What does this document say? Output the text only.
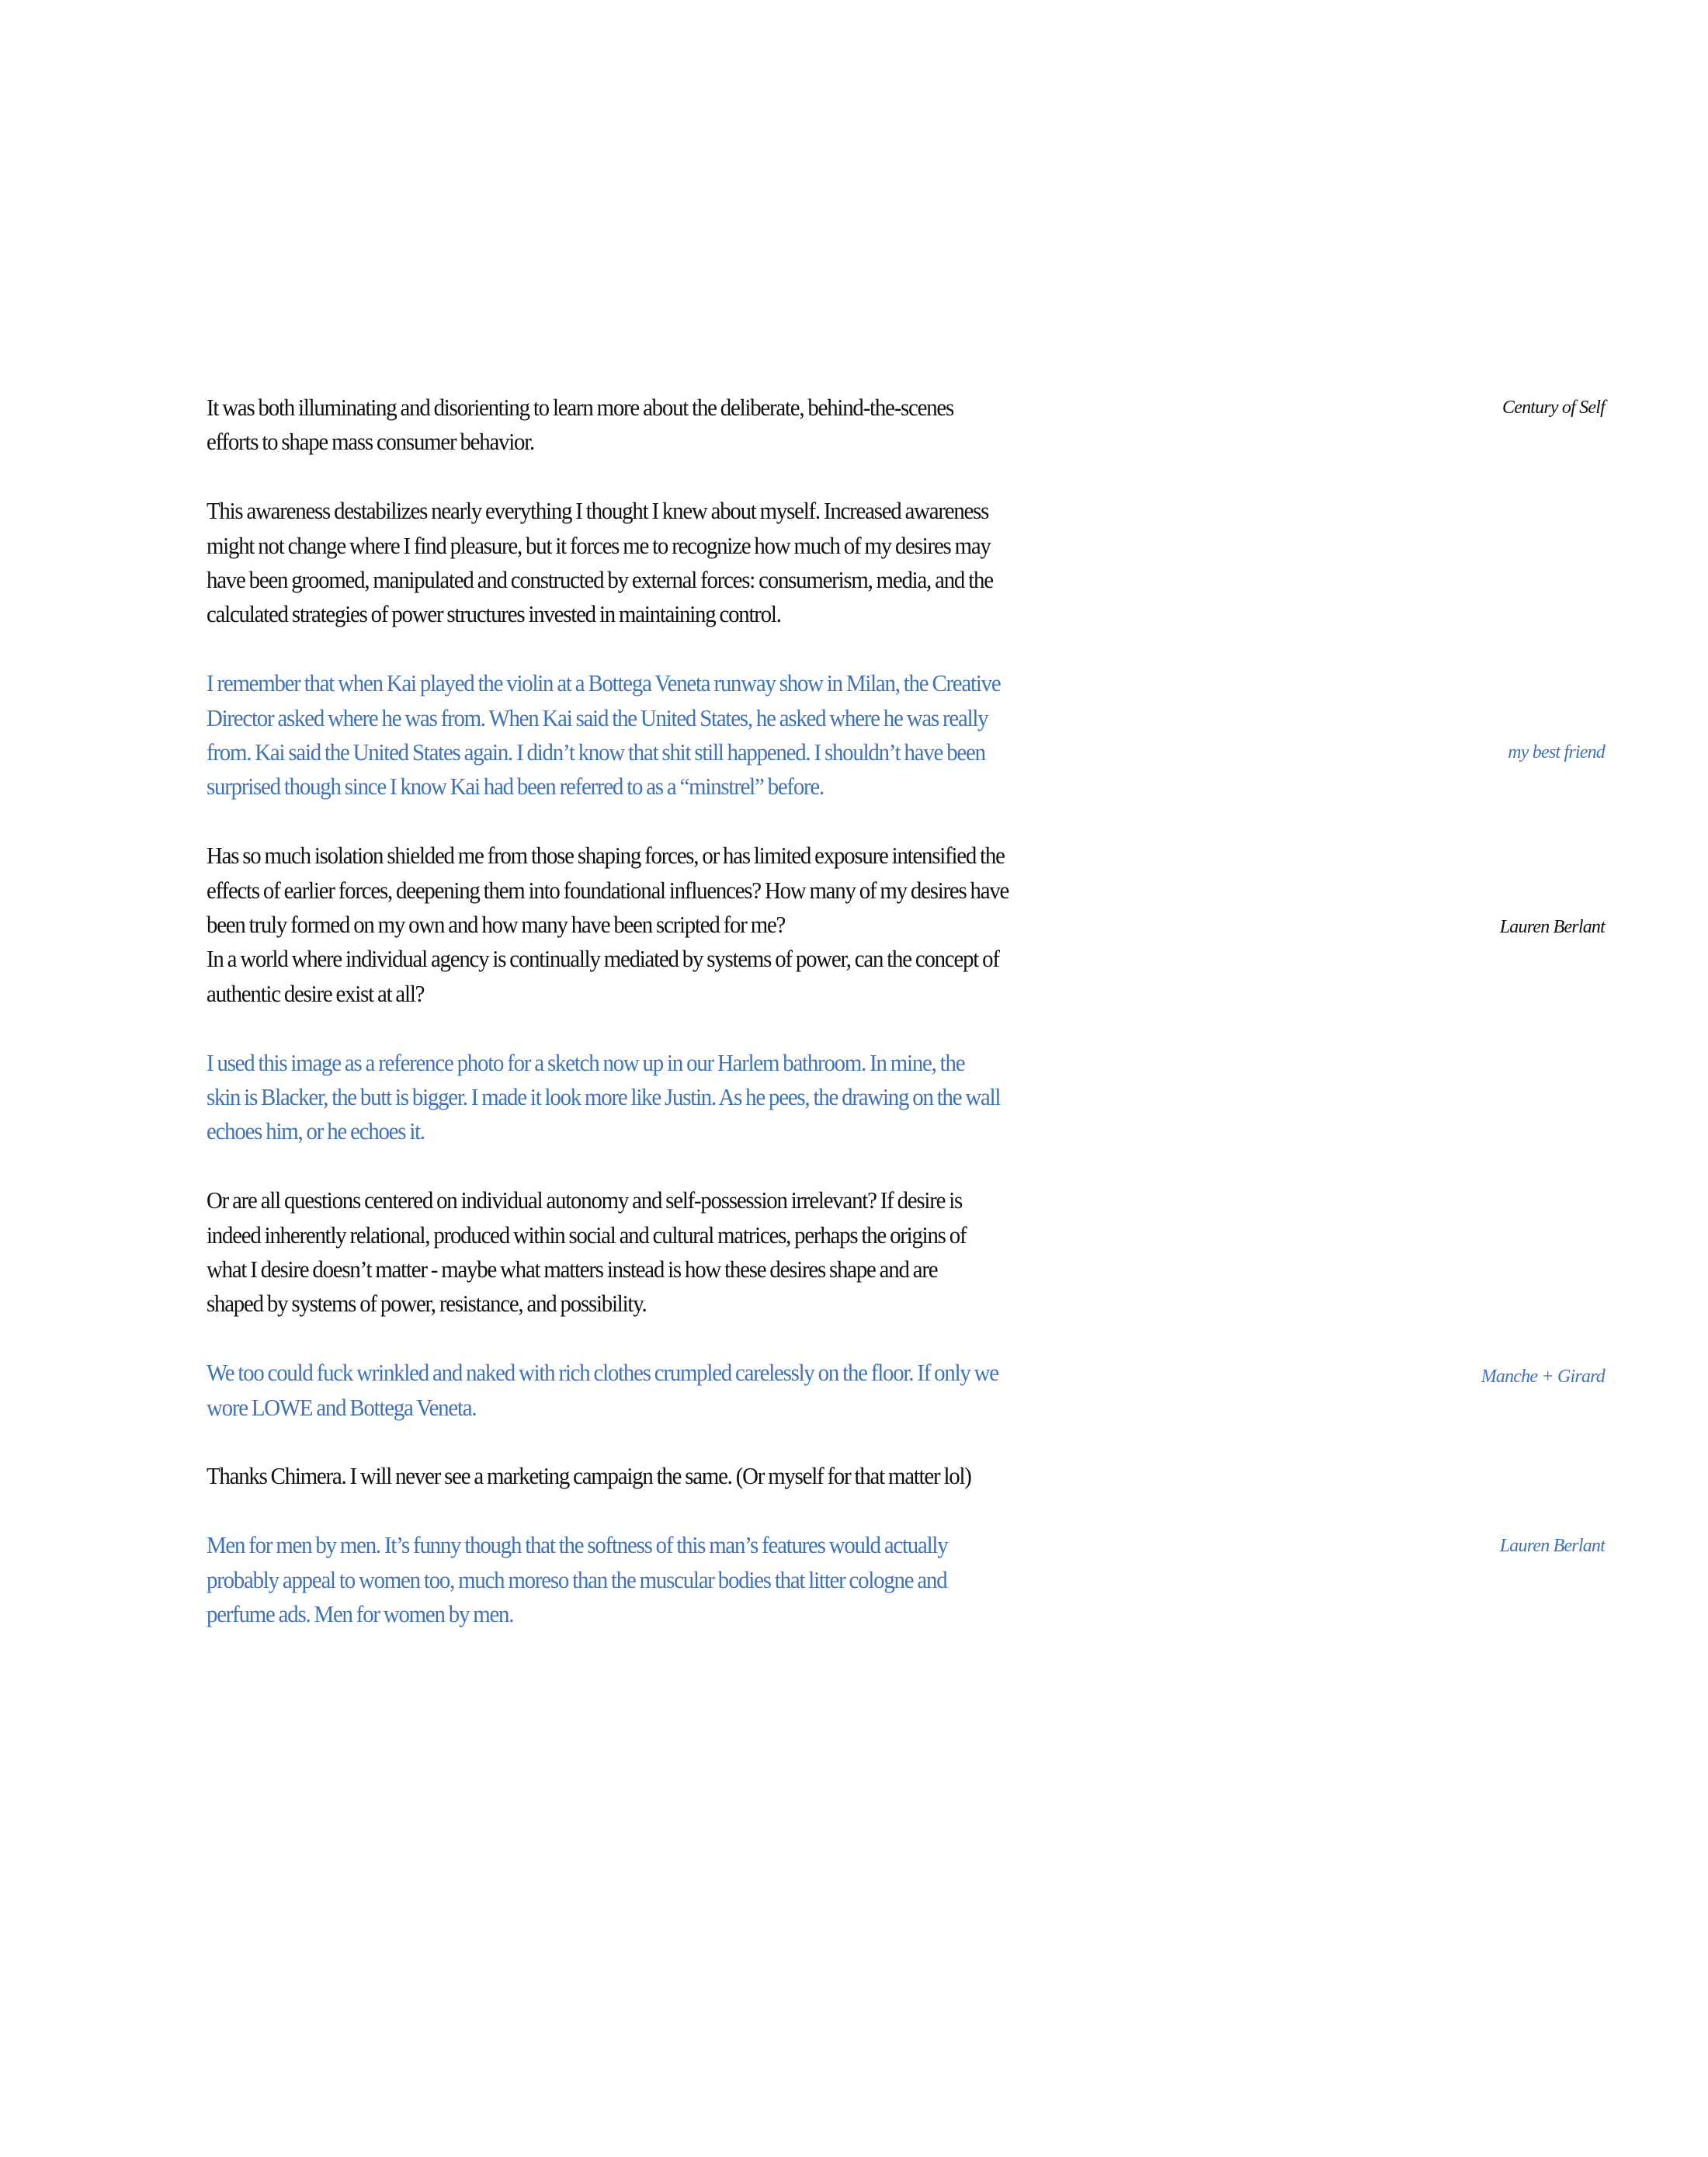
It was both illuminating and disorienting to learn more about the deliberate, behind-the-scenes
efforts to shape mass consumer behavior.
This awareness destabilizes nearly everything I thought I knew about myself. Increased awareness
might not change where I find pleasure, but it forces me to recognize how much of my desires may
have been groomed, manipulated and constructed by external forces: consumerism, media, and the
calculated strategies of power structures invested in maintaining control.
I remember that when Kai played the violin at a Bottega Veneta runway show in Milan, the Creative
Director asked where he was from. When Kai said the United States, he asked where he was really
from. Kai said the United States again. I didn’t know that shit still happened. I shouldn’t have been
surprised though since I know Kai had been referred to as a “minstrel” before.
Has so much isolation shielded me from those shaping forces, or has limited exposure intensified the
effects of earlier forces, deepening them into foundational influences? How many of my desires have
been truly formed on my own and how many have been scripted for me?
In a world where individual agency is continually mediated by systems of power, can the concept of
authentic desire exist at all?
I used this image as a reference photo for a sketch now up in our Harlem bathroom. In mine, the
skin is Blacker, the butt is bigger. I made it look more like Justin. As he pees, the drawing on the wall
echoes him, or he echoes it.
Or are all questions centered on individual autonomy and self-possession irrelevant? If desire is
indeed inherently relational, produced within social and cultural matrices, perhaps the origins of
what I desire doesn’t matter - maybe what matters instead is how these desires shape and are
shaped by systems of power, resistance, and possibility.
We too could fuck wrinkled and naked with rich clothes crumpled carelessly on the floor. If only we
wore LOWE and Bottega Veneta.
Thanks Chimera. I will never see a marketing campaign the same. (Or myself for that matter lol)
Men for men by men. It’s funny though that the softness of this man’s features would actually
probably appeal to women too, much moreso than the muscular bodies that litter cologne and
perfume ads. Men for women by men.
Century of Self
my best friend
Lauren Berlant
Manche + Girard
Lauren Berlant
